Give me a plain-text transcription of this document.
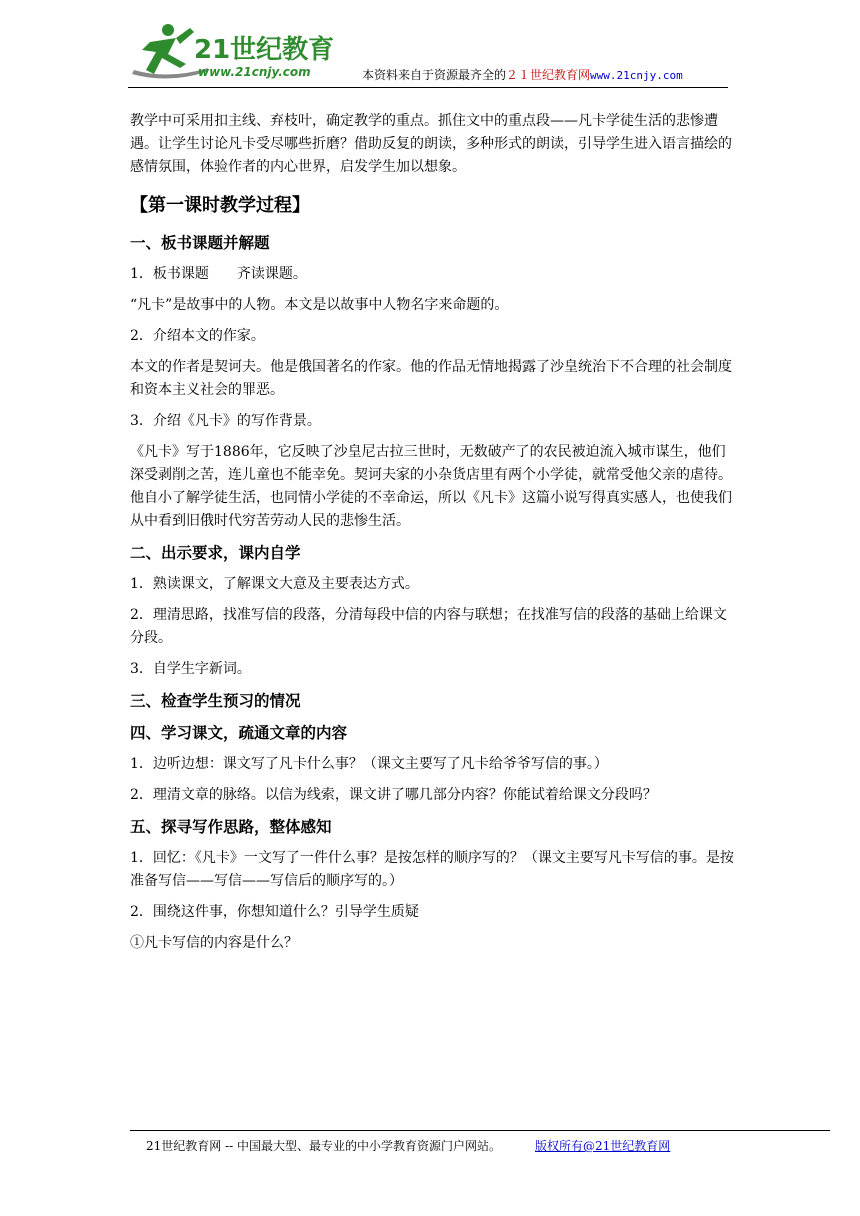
21世纪教育
www.21cnjy.com	本资料来自于资源最齐全的２１世纪教育网www.21cnjy.com

教学中可采用扣主线、弃枝叶，确定教学的重点。抓住文中的重点段——凡卡学徒生活的悲惨遭遇。让学生讨论凡卡受尽哪些折磨？借助反复的朗读，多种形式的朗读，引导学生进入语言描绘的感情氛围，体验作者的内心世界，启发学生加以想象。

【第一课时教学过程】
一、板书课题并解题

1．板书课题　　齐读课题。

“凡卡”是故事中的人物。本文是以故事中人物名字来命题的。

2．介绍本文的作家。

本文的作者是契诃夫。他是俄国著名的作家。他的作品无情地揭露了沙皇统治下不合理的社会制度和资本主义社会的罪恶。

3．介绍《凡卡》的写作背景。

《凡卡》写于1886年，它反映了沙皇尼古拉三世时，无数破产了的农民被迫流入城市谋生，他们深受剥削之苦，连儿童也不能幸免。契诃夫家的小杂货店里有两个小学徒，就常受他父亲的虐待。他自小了解学徒生活，也同情小学徒的不幸命运，所以《凡卡》这篇小说写得真实感人，也使我们从中看到旧俄时代穷苦劳动人民的悲惨生活。

二、出示要求，课内自学

1．熟读课文，了解课文大意及主要表达方式。

2．理清思路，找准写信的段落，分清每段中信的内容与联想；在找准写信的段落的基础上给课文分段。

3．自学生字新词。

三、检查学生预习的情况
四、学习课文，疏通文章的内容

1．边听边想：课文写了凡卡什么事？（课文主要写了凡卡给爷爷写信的事。）

2．理清文章的脉络。以信为线索，课文讲了哪几部分内容？你能试着给课文分段吗？

五、探寻写作思路，整体感知

1．回忆：《凡卡》一文写了一件什么事？是按怎样的顺序写的？（课文主要写凡卡写信的事。是按准备写信——写信——写信后的顺序写的。）

2．围绕这件事，你想知道什么？引导学生质疑

①凡卡写信的内容是什么？

21世纪教育网 -- 中国最大型、最专业的中小学教育资源门户网站。	版权所有@21世纪教育网
